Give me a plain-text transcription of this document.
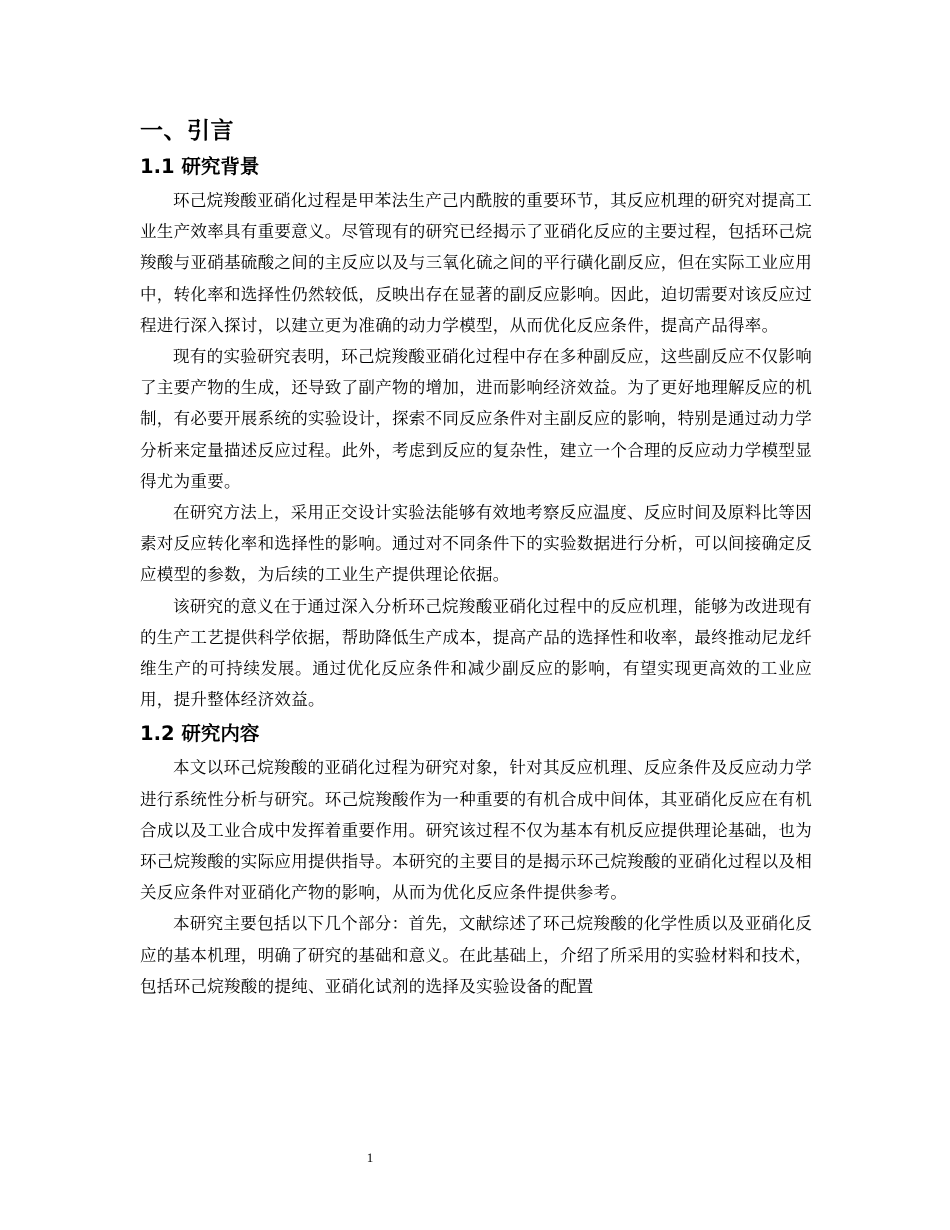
一、引言
1.1 研究背景

环己烷羧酸亚硝化过程是甲苯法生产己内酰胺的重要环节，其反应机理的研究对提高工业生产效率具有重要意义。尽管现有的研究已经揭示了亚硝化反应的主要过程，包括环己烷羧酸与亚硝基硫酸之间的主反应以及与三氧化硫之间的平行磺化副反应，但在实际工业应用中，转化率和选择性仍然较低，反映出存在显著的副反应影响。因此，迫切需要对该反应过程进行深入探讨，以建立更为准确的动力学模型，从而优化反应条件，提高产品得率。

现有的实验研究表明，环己烷羧酸亚硝化过程中存在多种副反应，这些副反应不仅影响了主要产物的生成，还导致了副产物的增加，进而影响经济效益。为了更好地理解反应的机制，有必要开展系统的实验设计，探索不同反应条件对主副反应的影响，特别是通过动力学分析来定量描述反应过程。此外，考虑到反应的复杂性，建立一个合理的反应动力学模型显得尤为重要。

在研究方法上，采用正交设计实验法能够有效地考察反应温度、反应时间及原料比等因素对反应转化率和选择性的影响。通过对不同条件下的实验数据进行分析，可以间接确定反应模型的参数，为后续的工业生产提供理论依据。

该研究的意义在于通过深入分析环己烷羧酸亚硝化过程中的反应机理，能够为改进现有的生产工艺提供科学依据，帮助降低生产成本，提高产品的选择性和收率，最终推动尼龙纤维生产的可持续发展。通过优化反应条件和减少副反应的影响，有望实现更高效的工业应用，提升整体经济效益。

1.2 研究内容

本文以环己烷羧酸的亚硝化过程为研究对象，针对其反应机理、反应条件及反应动力学进行系统性分析与研究。环己烷羧酸作为一种重要的有机合成中间体，其亚硝化反应在有机合成以及工业合成中发挥着重要作用。研究该过程不仅为基本有机反应提供理论基础，也为环己烷羧酸的实际应用提供指导。本研究的主要目的是揭示环己烷羧酸的亚硝化过程以及相关反应条件对亚硝化产物的影响，从而为优化反应条件提供参考。

本研究主要包括以下几个部分：首先，文献综述了环己烷羧酸的化学性质以及亚硝化反应的基本机理，明确了研究的基础和意义。在此基础上，介绍了所采用的实验材料和技术，包括环己烷羧酸的提纯、亚硝化试剂的选择及实验设备的配置

1
